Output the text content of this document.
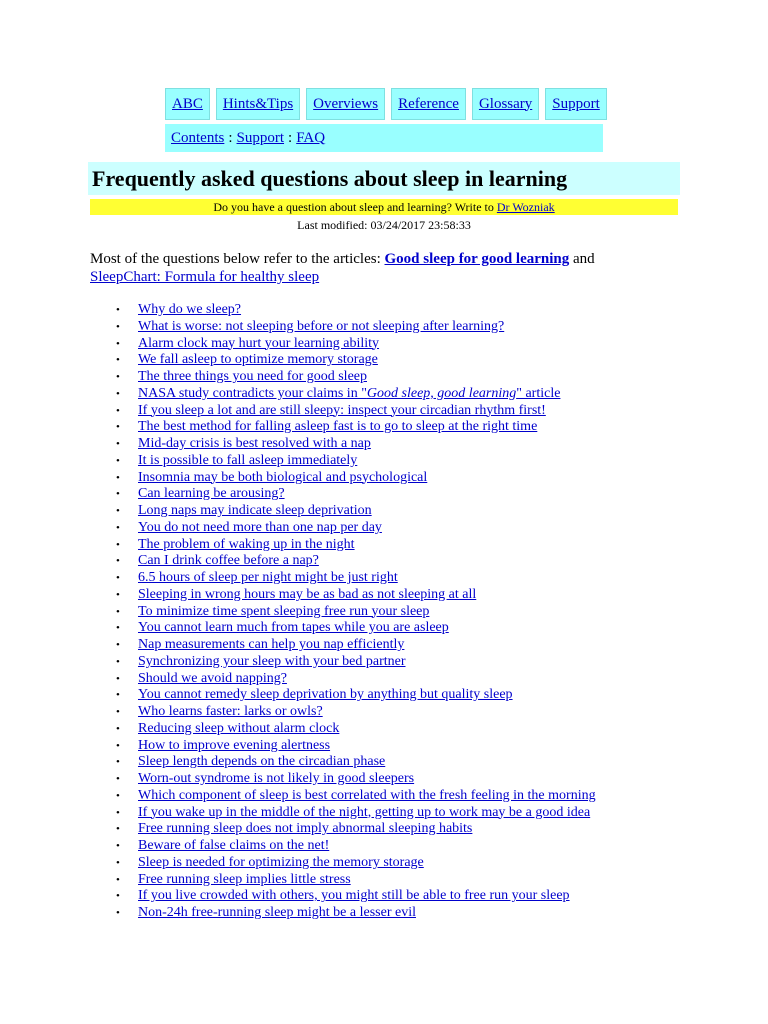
ABC Hints&Tips Overviews Reference Glossary Support
Contents : Support : FAQ
Frequently asked questions about sleep in learning
Do you have a question about sleep and learning? Write to Dr Wozniak
Last modified: 03/24/2017 23:58:33
Most of the questions below refer to the articles: Good sleep for good learning and
SleepChart: Formula for healthy sleep
• Why do we sleep?
• What is worse: not sleeping before or not sleeping after learning?
• Alarm clock may hurt your learning ability
• We fall asleep to optimize memory storage
• The three things you need for good sleep
• NASA study contradicts your claims in "Good sleep, good learning" article
• If you sleep a lot and are still sleepy: inspect your circadian rhythm first!
• The best method for falling asleep fast is to go to sleep at the right time
• Mid-day crisis is best resolved with a nap
• It is possible to fall asleep immediately
• Insomnia may be both biological and psychological
• Can learning be arousing?
• Long naps may indicate sleep deprivation
• You do not need more than one nap per day
• The problem of waking up in the night
• Can I drink coffee before a nap?
• 6.5 hours of sleep per night might be just right
• Sleeping in wrong hours may be as bad as not sleeping at all
• To minimize time spent sleeping free run your sleep
• You cannot learn much from tapes while you are asleep
• Nap measurements can help you nap efficiently
• Synchronizing your sleep with your bed partner
• Should we avoid napping?
• You cannot remedy sleep deprivation by anything but quality sleep
• Who learns faster: larks or owls?
• Reducing sleep without alarm clock
• How to improve evening alertness
• Sleep length depends on the circadian phase
• Worn-out syndrome is not likely in good sleepers
• Which component of sleep is best correlated with the fresh feeling in the morning
• If you wake up in the middle of the night, getting up to work may be a good idea
• Free running sleep does not imply abnormal sleeping habits
• Beware of false claims on the net!
• Sleep is needed for optimizing the memory storage
• Free running sleep implies little stress
• If you live crowded with others, you might still be able to free run your sleep
• Non-24h free-running sleep might be a lesser evil
